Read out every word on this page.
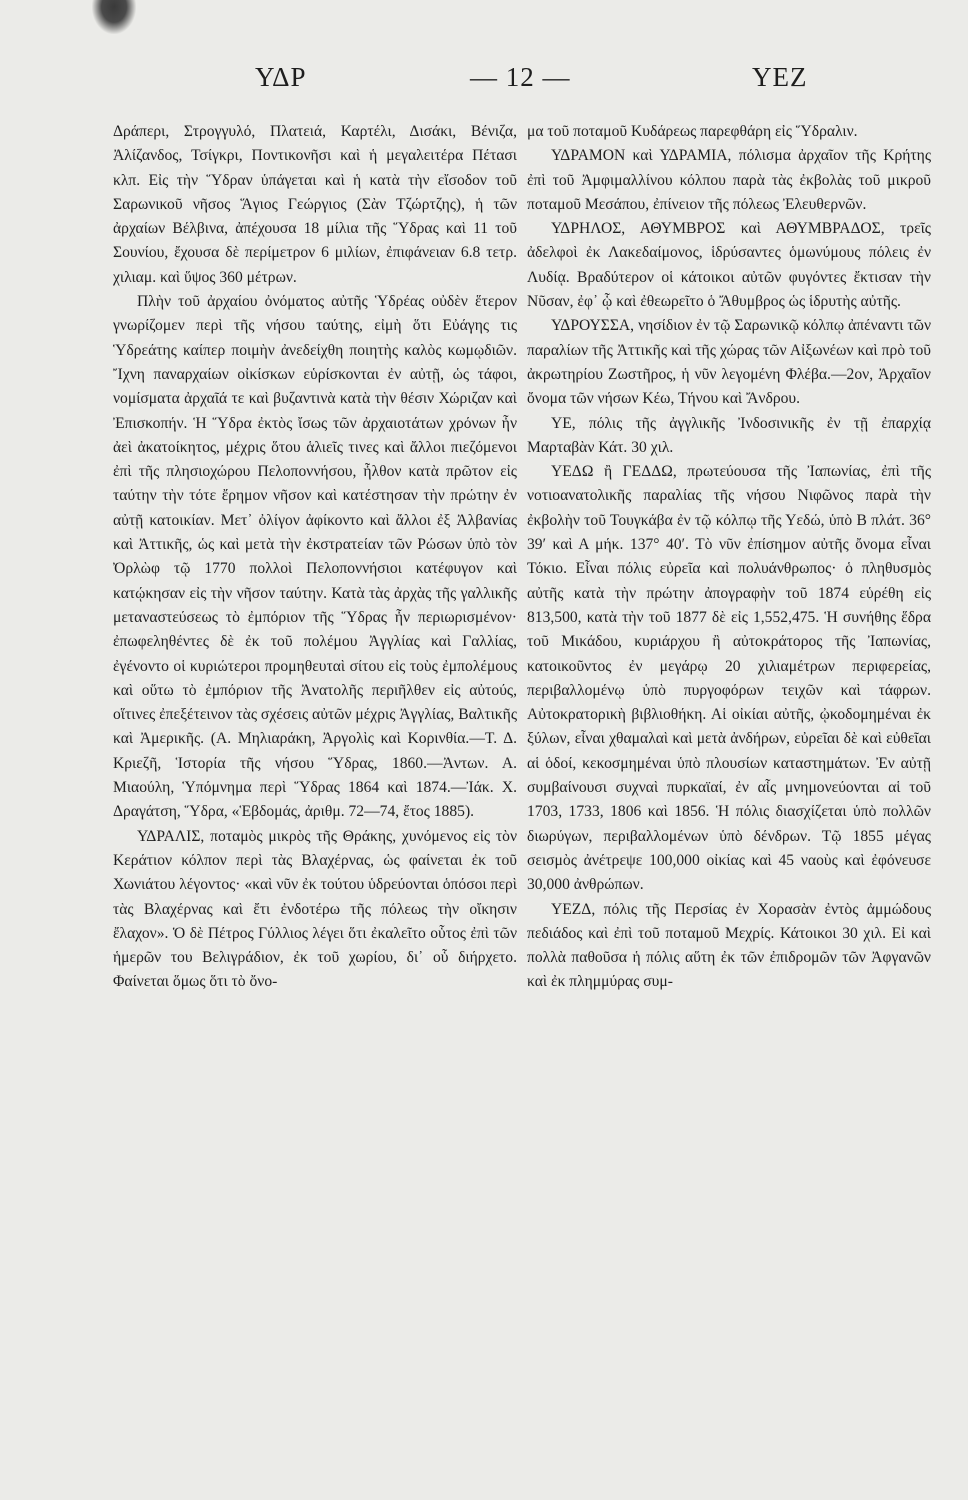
ΥΔΡ	— 12 —	ΥΕΖ

Δράπερι, Στρογγυλό, Πλατειά, Καρτέλι, Δισάκι, Βένιζα, Ἀλίζανδος, Τσίγκρι, Ποντικονῆσι καὶ ἡ μεγαλειτέρα Πέτασι κλπ. Εἰς τὴν Ὕδραν ὑπάγεται καὶ ἡ κατὰ τὴν εἴσοδον τοῦ Σαρωνικοῦ νῆσος Ἅγιος Γεώργιος (Σὰν Τζώρτζης), ἡ τῶν ἀρχαίων Βέλβινα, ἀπέχουσα 18 μίλια τῆς Ὕδρας καὶ 11 τοῦ Σουνίου, ἔχουσα δὲ περίμετρον 6 μιλίων, ἐπιφάνειαν 6.8 τετρ. χιλιαμ. καὶ ὕψος 360 μέτρων.

Πλὴν τοῦ ἀρχαίου ὀνόματος αὐτῆς Ὑδρέας οὐδὲν ἕτερον γνωρίζομεν περὶ τῆς νήσου ταύτης, εἰμὴ ὅτι Εὐάγης τις Ὑδρεάτης καίπερ ποιμὴν ἀνεδείχθη ποιητὴς καλὸς κωμῳδιῶν. Ἴχνη παναρχαίων οἰκίσκων εὑρίσκονται ἐν αὐτῇ, ὡς τάφοι, νομίσματα ἀρχαῖά τε καὶ βυζαντινὰ κατὰ τὴν θέσιν Χώριζαν καὶ Ἐπισκοπήν. Ἡ Ὕδρα ἐκτὸς ἴσως τῶν ἀρχαιοτάτων χρόνων ἦν ἀεὶ ἀκατοίκητος, μέχρις ὅτου ἁλιεῖς τινες καὶ ἄλλοι πιεζόμενοι ἐπὶ τῆς πλησιοχώρου Πελοποννήσου, ἦλθον κατὰ πρῶτον εἰς ταύτην τὴν τότε ἔρημον νῆσον καὶ κατέστησαν τὴν πρώτην ἐν αὐτῇ κατοικίαν. Μετ᾽ ὀλίγον ἀφίκοντο καὶ ἄλλοι ἐξ Ἀλβανίας καὶ Ἀττικῆς, ὡς καὶ μετὰ τὴν ἐκστρατείαν τῶν Ρώσων ὑπὸ τὸν Ὀρλὼφ τῷ 1770 πολλοὶ Πελοποννήσιοι κατέφυγον καὶ κατῴκησαν εἰς τὴν νῆσον ταύτην. Κατὰ τὰς ἀρχὰς τῆς γαλλικῆς μεταναστεύσεως τὸ ἐμπόριον τῆς Ὕδρας ἦν περιωρισμένον· ἐπωφεληθέντες δὲ ἐκ τοῦ πολέμου Ἀγγλίας καὶ Γαλλίας, ἐγένοντο οἱ κυριώτεροι προμηθευταὶ σίτου εἰς τοὺς ἐμπολέμους καὶ οὕτω τὸ ἐμπόριον τῆς Ἀνατολῆς περιῆλθεν εἰς αὐτούς, οἵτινες ἐπεξέτεινον τὰς σχέσεις αὐτῶν μέχρις Ἀγγλίας, Βαλτικῆς καὶ Ἀμερικῆς. (Α. Μηλιαράκη, Ἀργολὶς καὶ Κορινθία.—Τ. Δ. Κριεζῆ, Ἱστορία τῆς νήσου Ὕδρας, 1860.—Ἀντων. Α. Μιαούλη, Ὑπόμνημα περὶ Ὕδρας 1864 καὶ 1874.—Ἰάκ. Χ. Δραγάτση, Ὕδρα, «Ἑβδομάς, ἀριθμ. 72—74, ἔτος 1885).

ΥΔΡΑΛΙΣ, ποταμὸς μικρὸς τῆς Θράκης, χυνόμενος εἰς τὸν Κεράτιον κόλπον περὶ τὰς Βλαχέρνας, ὡς φαίνεται ἐκ τοῦ Χωνιάτου λέγοντος· «καὶ νῦν ἐκ τούτου ὑδρεύονται ὁπόσοι περὶ τὰς Βλαχέρνας καὶ ἔτι ἐνδοτέρω τῆς πόλεως τὴν οἴκησιν ἔλαχον». Ὁ δὲ Πέτρος Γύλλιος λέγει ὅτι ἐκαλεῖτο οὗτος ἐπὶ τῶν ἡμερῶν του Βελιγράδιον, ἐκ τοῦ χωρίου, δι᾽ οὗ διήρχετο. Φαίνεται ὅμως ὅτι τὸ ὄνο-

μα τοῦ ποταμοῦ Κυδάρεως παρεφθάρη εἰς Ὕδραλιν.

ΥΔΡΑΜΟΝ καὶ ΥΔΡΑΜΙΑ, πόλισμα ἀρχαῖον τῆς Κρήτης ἐπὶ τοῦ Ἀμφιμαλλίνου κόλπου παρὰ τὰς ἐκβολὰς τοῦ μικροῦ ποταμοῦ Μεσάπου, ἐπίνειον τῆς πόλεως Ἐλευθερνῶν.

ΥΔΡΗΛΟΣ, ΑΘΥΜΒΡΟΣ καὶ ΑΘΥΜΒΡΑΔΟΣ, τρεῖς ἀδελφοὶ ἐκ Λακεδαίμονος, ἱδρύσαντες ὁμωνύμους πόλεις ἐν Λυδίᾳ. Βραδύτερον οἱ κάτοικοι αὐτῶν φυγόντες ἔκτισαν τὴν Νῦσαν, ἐφ᾽ ᾧ καὶ ἐθεωρεῖτο ὁ Ἄθυμβρος ὡς ἱδρυτὴς αὐτῆς.

ΥΔΡΟΥΣΣΑ, νησίδιον ἐν τῷ Σαρωνικῷ κόλπῳ ἀπέναντι τῶν παραλίων τῆς Ἀττικῆς καὶ τῆς χώρας τῶν Αἰξωνέων καὶ πρὸ τοῦ ἀκρωτηρίου Ζωστῆρος, ἡ νῦν λεγομένη Φλέβα.—2ον, Ἀρχαῖον ὄνομα τῶν νήσων Κέω, Τήνου καὶ Ἄνδρου.

ΥΕ, πόλις τῆς ἀγγλικῆς Ἰνδοσινικῆς ἐν τῇ ἐπαρχίᾳ Μαρταβὰν Κάτ. 30 χιλ.

ΥΕΔΩ ἢ ΓΕΔΔΩ, πρωτεύουσα τῆς Ἰαπωνίας, ἐπὶ τῆς νοτιοανατολικῆς παραλίας τῆς νήσου Νιφῶνος παρὰ τὴν ἐκβολὴν τοῦ Τουγκάβα ἐν τῷ κόλπῳ τῆς Υεδώ, ὑπὸ Β πλάτ. 36° 39′ καὶ Α μήκ. 137° 40′. Τὸ νῦν ἐπίσημον αὐτῆς ὄνομα εἶναι Τόκιο. Εἶναι πόλις εὐρεῖα καὶ πολυάνθρωπος· ὁ πληθυσμὸς αὐτῆς κατὰ τὴν πρώτην ἀπογραφὴν τοῦ 1874 εὑρέθη εἰς 813,500, κατὰ τὴν τοῦ 1877 δὲ εἰς 1,552,475. Ἡ συνήθης ἕδρα τοῦ Μικάδου, κυριάρχου ἢ αὐτοκράτορος τῆς Ἰαπωνίας, κατοικοῦντος ἐν μεγάρῳ 20 χιλιαμέτρων περιφερείας, περιβαλλομένῳ ὑπὸ πυργοφόρων τειχῶν καὶ τάφρων. Αὐτοκρατορικὴ βιβλιοθήκη. Αἱ οἰκίαι αὐτῆς, ᾠκοδομημέναι ἐκ ξύλων, εἶναι χθαμαλαὶ καὶ μετὰ ἀνδήρων, εὐρεῖαι δὲ καὶ εὐθεῖαι αἱ ὁδοί, κεκοσμημέναι ὑπὸ πλουσίων καταστημάτων. Ἐν αὐτῇ συμβαίνουσι συχναὶ πυρκαϊαί, ἐν αἷς μνημονεύονται αἱ τοῦ 1703, 1733, 1806 καὶ 1856. Ἡ πόλις διασχίζεται ὑπὸ πολλῶν διωρύγων, περιβαλλομένων ὑπὸ δένδρων. Τῷ 1855 μέγας σεισμὸς ἀνέτρεψε 100,000 οἰκίας καὶ 45 ναοὺς καὶ ἐφόνευσε 30,000 ἀνθρώπων.

ΥΕΖΔ, πόλις τῆς Περσίας ἐν Χορασὰν ἐντὸς ἀμμώδους πεδιάδος καὶ ἐπὶ τοῦ ποταμοῦ Μεχρίς. Κάτοικοι 30 χιλ. Εἰ καὶ πολλὰ παθοῦσα ἡ πόλις αὕτη ἐκ τῶν ἐπιδρομῶν τῶν Ἀφγανῶν καὶ ἐκ πλημμύρας συμ-
